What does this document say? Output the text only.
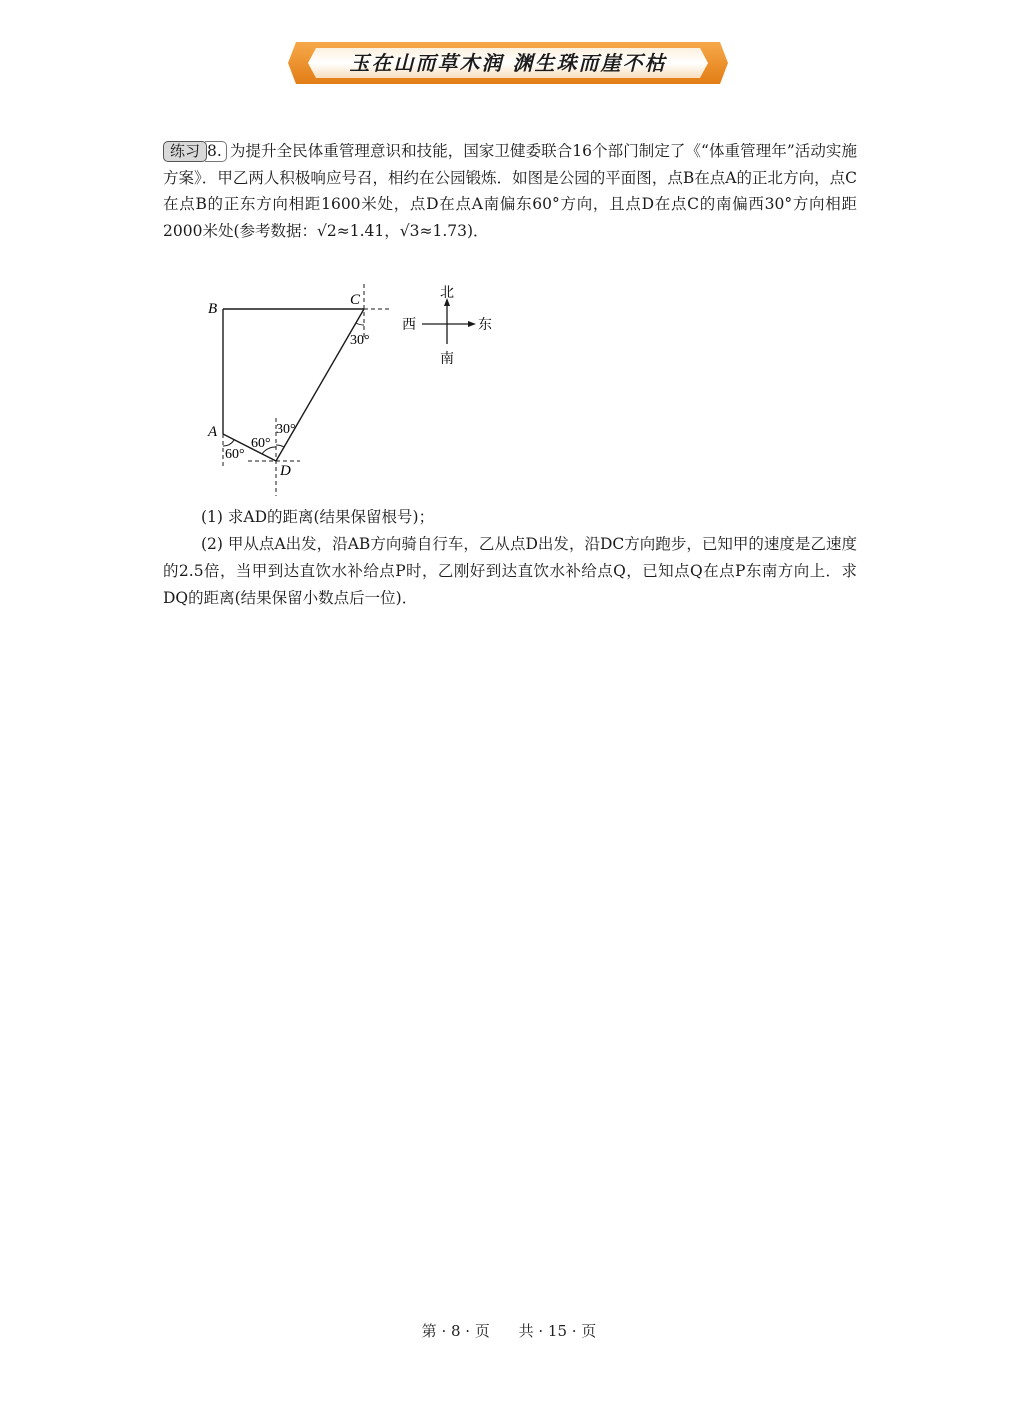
玉在山而草木润 渊生珠而崖不枯
练习 8. 为提升全民体重管理意识和技能，国家卫健委联合16个部门制定了《“体重管理年”活动实施方案》．甲乙两人积极响应号召，相约在公园锻炼．如图是公园的平面图，点B在点A的正北方向，点C在点B的正东方向相距1600米处，点D在点A南偏东60°方向，且点D在点C的南偏西30°方向相距2000米处(参考数据：√2≈1.41，√3≈1.73)．
B
C
A
D
30°
30°
60°
60°
北
南
东
西

(1) 求AD的距离(结果保留根号)；

(2) 甲从点A出发，沿AB方向骑自行车，乙从点D出发，沿DC方向跑步，已知甲的速度是乙速度的2.5倍，当甲到达直饮水补给点P时，乙刚好到达直饮水补给点Q，已知点Q在点P东南方向上．求DQ的距离(结果保留小数点后一位)．

第 · 8 · 页 共 · 15 · 页
